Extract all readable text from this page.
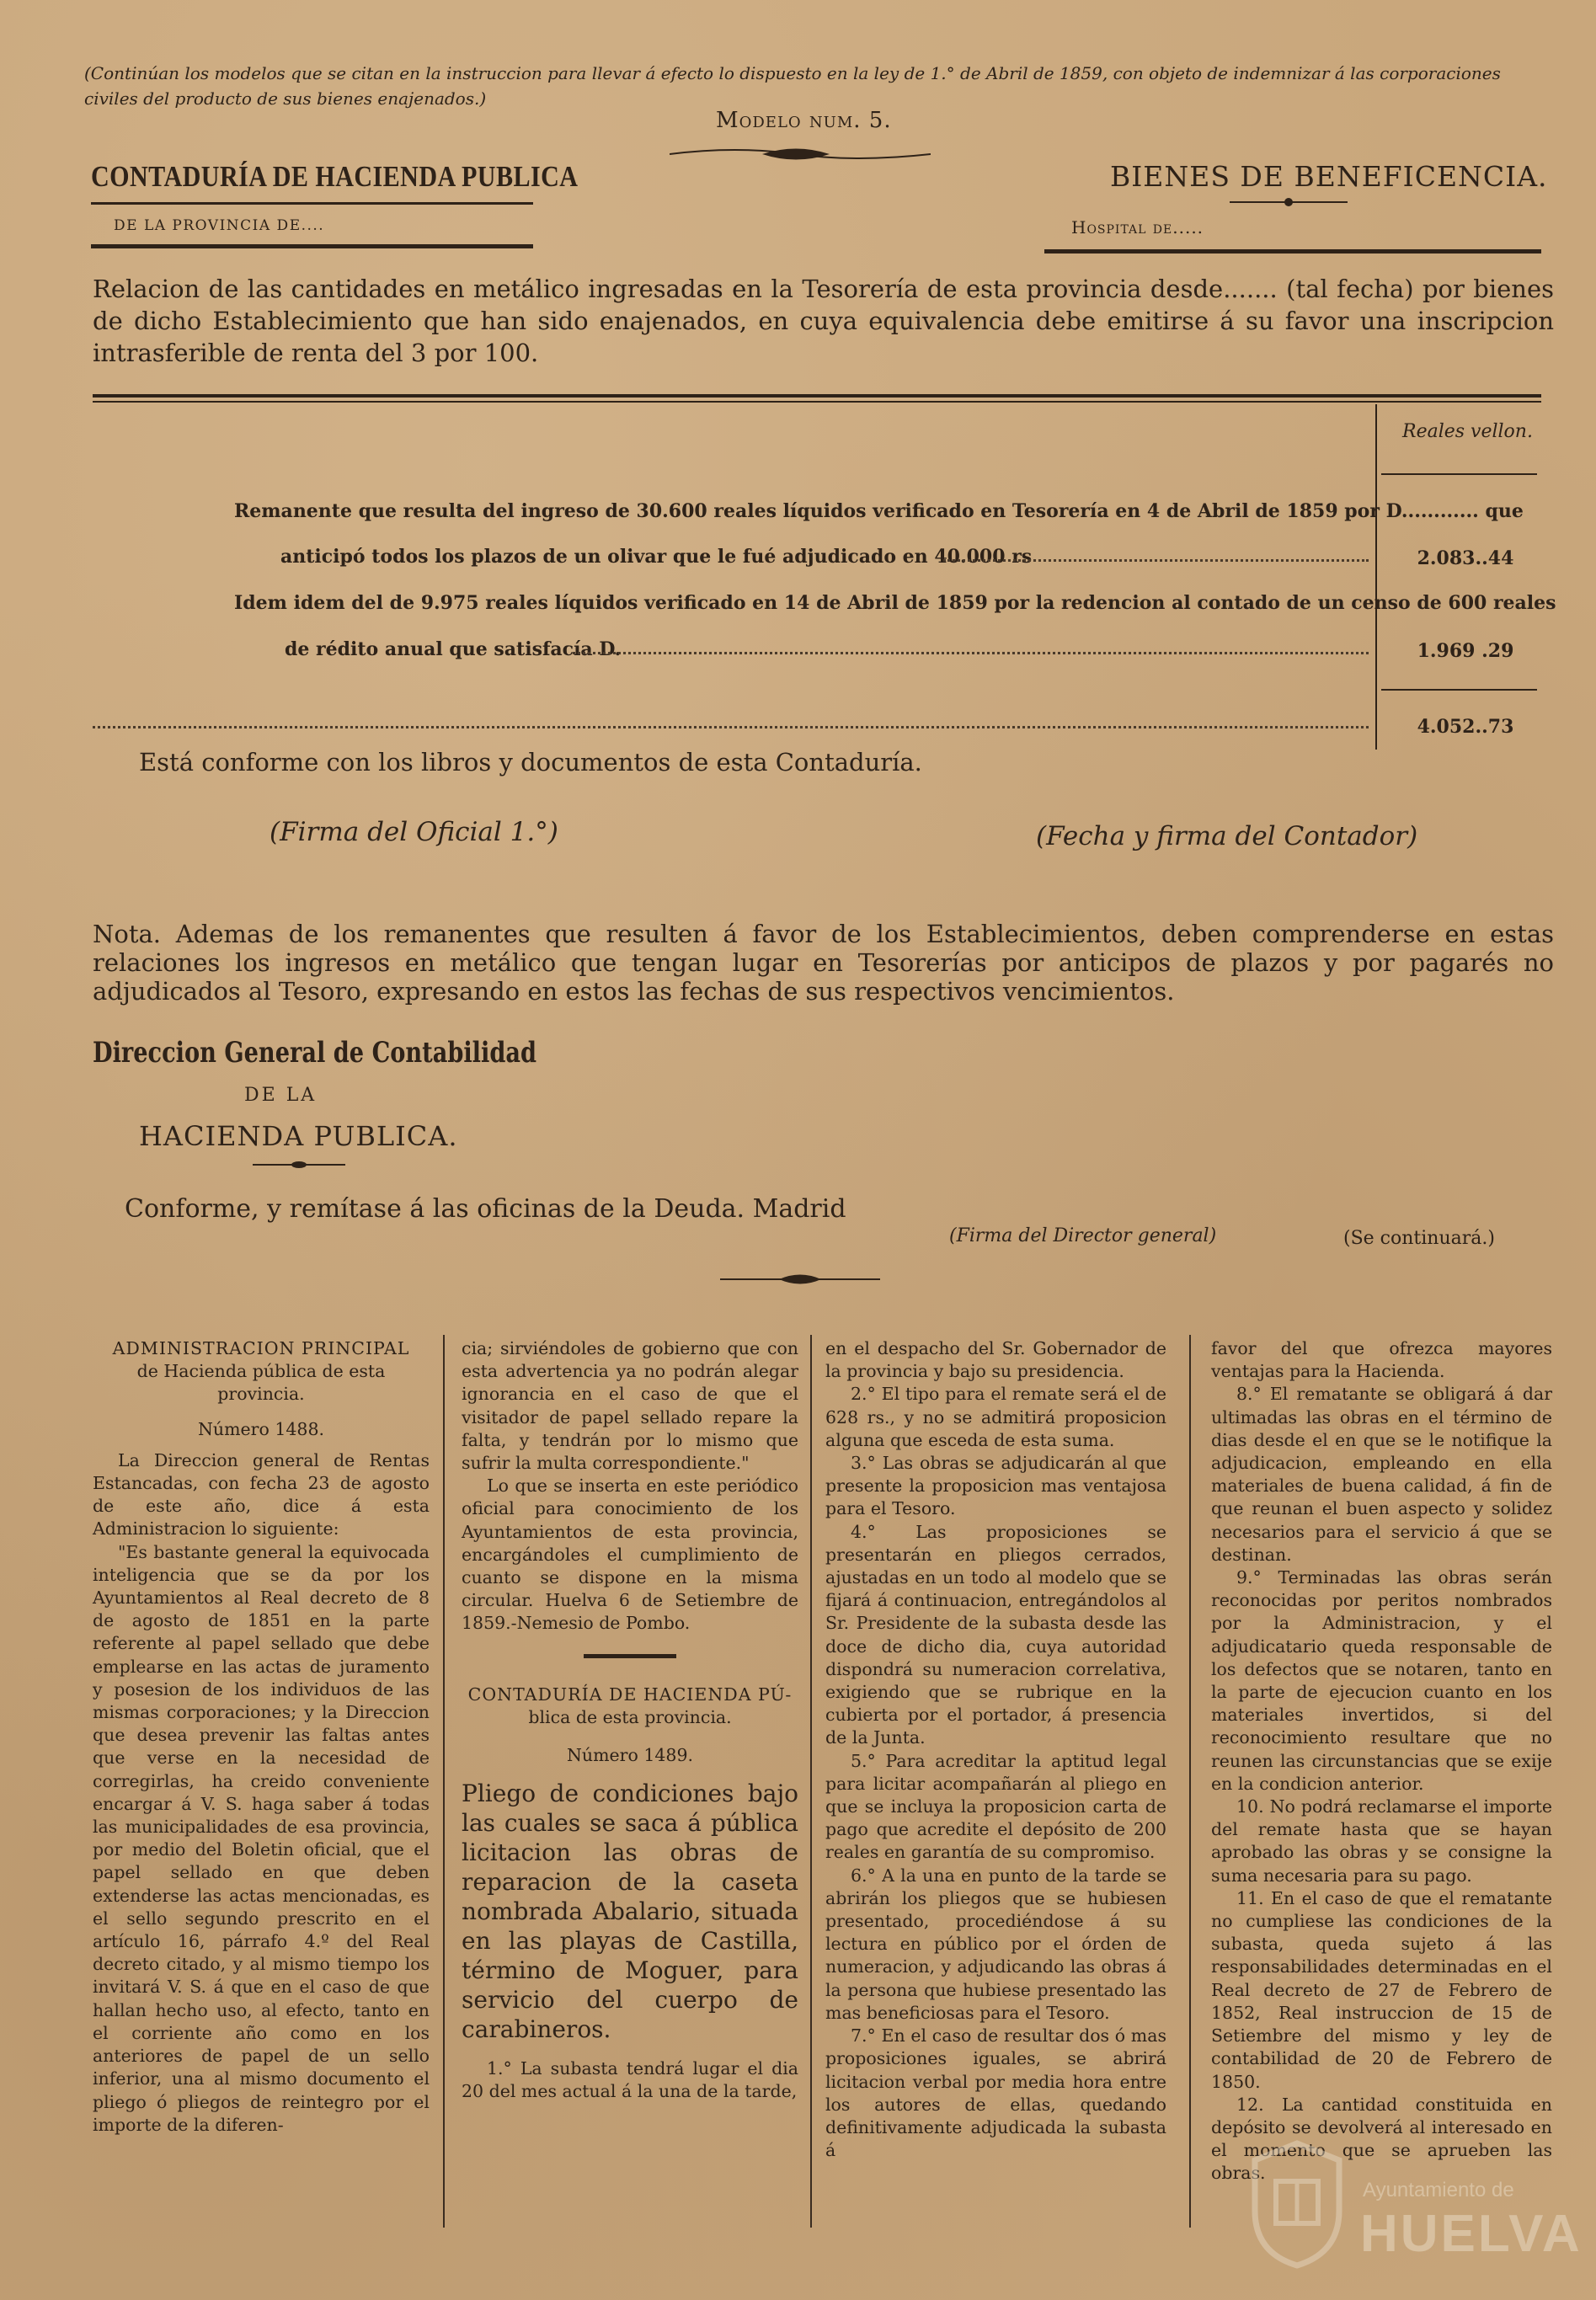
(Continúan los modelos que se citan en la instruccion para llevar á efecto lo dispuesto en la ley de 1.° de Abril de 1859, con objeto de indemnizar á las corporaciones civiles del producto de sus bienes enajenados.)
Modelo num. 5.
CONTADURÍA DE HACIENDA PUBLICA
DE LA PROVINCIA DE....
BIENES DE BENEFICENCIA.
Hospital de.....
Relacion de las cantidades en metálico ingresadas en la Tesorería de esta provincia desde....... (tal fecha) por bienes de dicho Establecimiento que han sido enajenados, en cuya equivalencia debe emitirse á su favor una inscripcion intrasferible de renta del 3 por 100.
Reales vellon.
Remanente que resulta del ingreso de 30.600 reales líquidos verificado en Tesorería en 4 de Abril de 1859 por D............ que
anticipó todos los plazos de un olivar que le fué adjudicado en 40.000 rs	2.083..44
Idem idem del de 9.975 reales líquidos verificado en 14 de Abril de 1859 por la redencion al contado de un censo de 600 reales
de rédito anual que satisfacía D.	1.969 .29
4.052..73
Está conforme con los libros y documentos de esta Contaduría.
(Firma del Oficial 1.°)	(Fecha y firma del Contador)
Nota. Ademas de los remanentes que resulten á favor de los Establecimientos, deben comprenderse en estas relaciones los ingresos en metálico que tengan lugar en Tesorerías por anticipos de plazos y por pagarés no adjudicados al Tesoro, expresando en estos las fechas de sus respectivos vencimientos.
Direccion General de Contabilidad
DE LA
HACIENDA PUBLICA.
Conforme, y remítase á las oficinas de la Deuda. Madrid
(Firma del Director general)	(Se continuará.)

ADMINISTRACION PRINCIPAL

de Hacienda pública de esta provincia.

Número 1488.

La Direccion general de Rentas Estancadas, con fecha 23 de agosto de este año, dice á esta Administracion lo siguiente:

"Es bastante general la equivocada inteligencia que se da por los Ayuntamientos al Real decreto de 8 de agosto de 1851 en la parte referente al papel sellado que debe emplearse en las actas de juramento y posesion de los individuos de las mismas corporaciones; y la Direccion que desea prevenir las faltas antes que verse en la necesidad de corregirlas, ha creido conveniente encargar á V. S. haga saber á todas las municipalidades de esa provincia, por medio del Boletin oficial, que el papel sellado en que deben extenderse las actas mencionadas, es el sello segundo prescrito en el artículo 16, párrafo 4.º del Real decreto citado, y al mismo tiempo los invitará V. S. á que en el caso de que hallan hecho uso, al efecto, tanto en el corriente año como en los anteriores de papel de un sello inferior, una al mismo documento el pliego ó pliegos de reintegro por el importe de la diferen-

cia; sirviéndoles de gobierno que con esta advertencia ya no podrán alegar ignorancia en el caso de que el visitador de papel sellado repare la falta, y tendrán por lo mismo que sufrir la multa correspondiente."

Lo que se inserta en este periódico oficial para conocimiento de los Ayuntamientos de esta provincia, encargándoles el cumplimiento de cuanto se dispone en la misma circular. Huelva 6 de Setiembre de 1859.-Nemesio de Pombo.

CONTADURÍA DE HACIENDA PÚ-

blica de esta provincia.

Número 1489.

Pliego de condiciones bajo las cuales se saca á pública licitacion las obras de reparacion de la caseta nombrada Abalario, situada en las playas de Castilla, término de Moguer, para servicio del cuerpo de carabineros.

1.° La subasta tendrá lugar el dia 20 del mes actual á la una de la tarde,

en el despacho del Sr. Gobernador de la provincia y bajo su presidencia.

2.° El tipo para el remate será el de 628 rs., y no se admitirá proposicion alguna que esceda de esta suma.

3.° Las obras se adjudicarán al que presente la proposicion mas ventajosa para el Tesoro.

4.° Las proposiciones se presentarán en pliegos cerrados, ajustadas en un todo al modelo que se fijará á continuacion, entregándolos al Sr. Presidente de la subasta desde las doce de dicho dia, cuya autoridad dispondrá su numeracion correlativa, exigiendo que se rubrique en la cubierta por el portador, á presencia de la Junta.

5.° Para acreditar la aptitud legal para licitar acompañarán al pliego en que se incluya la proposicion carta de pago que acredite el depósito de 200 reales en garantía de su compromiso.

6.° A la una en punto de la tarde se abrirán los pliegos que se hubiesen presentado, procediéndose á su lectura en público por el órden de numeracion, y adjudicando las obras á la persona que hubiese presentado las mas beneficiosas para el Tesoro.

7.° En el caso de resultar dos ó mas proposiciones iguales, se abrirá licitacion verbal por media hora entre los autores de ellas, quedando definitivamente adjudicada la subasta á

favor del que ofrezca mayores ventajas para la Hacienda.

8.° El rematante se obligará á dar ultimadas las obras en el término de dias desde el en que se le notifique la adjudicacion, empleando en ella materiales de buena calidad, á fin de que reunan el buen aspecto y solidez necesarios para el servicio á que se destinan.

9.° Terminadas las obras serán reconocidas por peritos nombrados por la Administracion, y el adjudicatario queda responsable de los defectos que se notaren, tanto en la parte de ejecucion cuanto en los materiales invertidos, si del reconocimiento resultare que no reunen las circunstancias que se exije en la condicion anterior.

10. No podrá reclamarse el importe del remate hasta que se hayan aprobado las obras y se consigne la suma necesaria para su pago.

11. En el caso de que el rematante no cumpliese las condiciones de la subasta, queda sujeto á las responsabilidades determinadas en el Real decreto de 27 de Febrero de 1852, Real instruccion de 15 de Setiembre del mismo y ley de contabilidad de 20 de Febrero de 1850.

12. La cantidad constituida en depósito se devolverá al interesado en el momento que se aprueben las obras.

Ayuntamiento de
HUELVA
